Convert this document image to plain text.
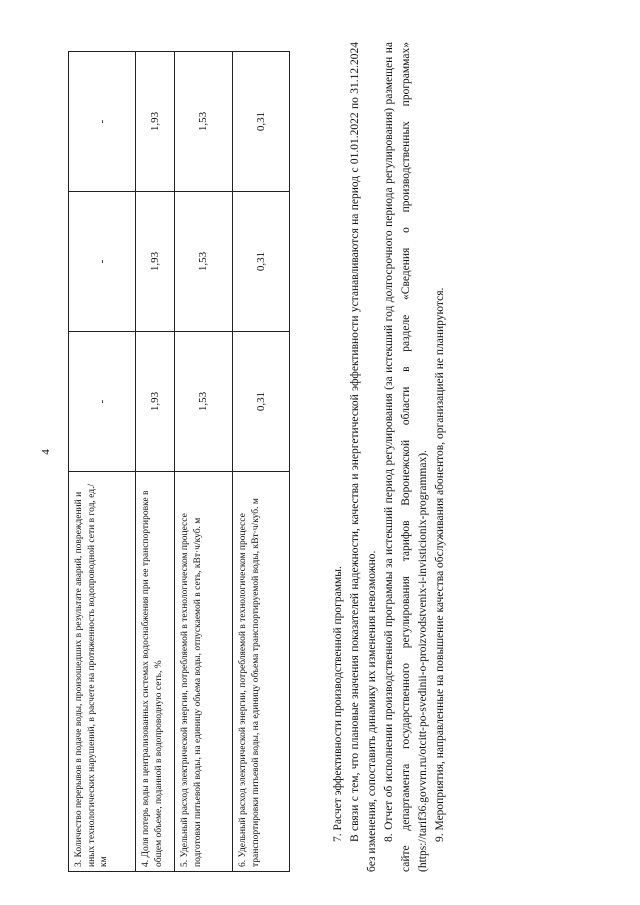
4
3. Количество перерывов в подаче воды, произошедших в результате аварий, повреждений и иных технологических нарушений, в расчете на протяженность водопроводной сети в год, ед./км	-	-	-
4. Доля потерь воды в централизованных системах водоснабжения при ее транспортировке в общем объеме, поданной в водопроводную сеть, %	1,93	1,93	1,93
5. Удельный расход электрической энергии, потребляемой в технологическом процессе подготовки питьевой воды, на единицу объема воды, отпускаемой в сеть, кВт·ч/куб. м	1,53	1,53	1,53
6. Удельный расход электрической энергии, потребляемой в технологическом процессе транспортировки питьевой воды, на единицу объема транспортируемой воды, кВт·ч/куб. м	0,31	0,31	0,31

7. Расчет эффективности производственной программы. В связи с тем, что плановые значения показателей надежности, качества и энергетической эффективности устанавливаются на период с 01.01.2022 по 31.12.2024 без изменения, сопоставить динамику их изменения невозможно. 8. Отчет об исполнении производственной программы за истекший период регулирования (за истекший год долгосрочного периода регулирования) размещен на сайте департамента государственного регулирования тарифов Воронежской области в разделе «Сведения о производственных программах» (https://tarif36.govvrn.ru/otcitt-po-svedinii-o-proizvodstvenix-i-invisticionix-programmax). 9. Мероприятия, направленные на повышение качества обслуживания абонентов, организацией не планируются.
